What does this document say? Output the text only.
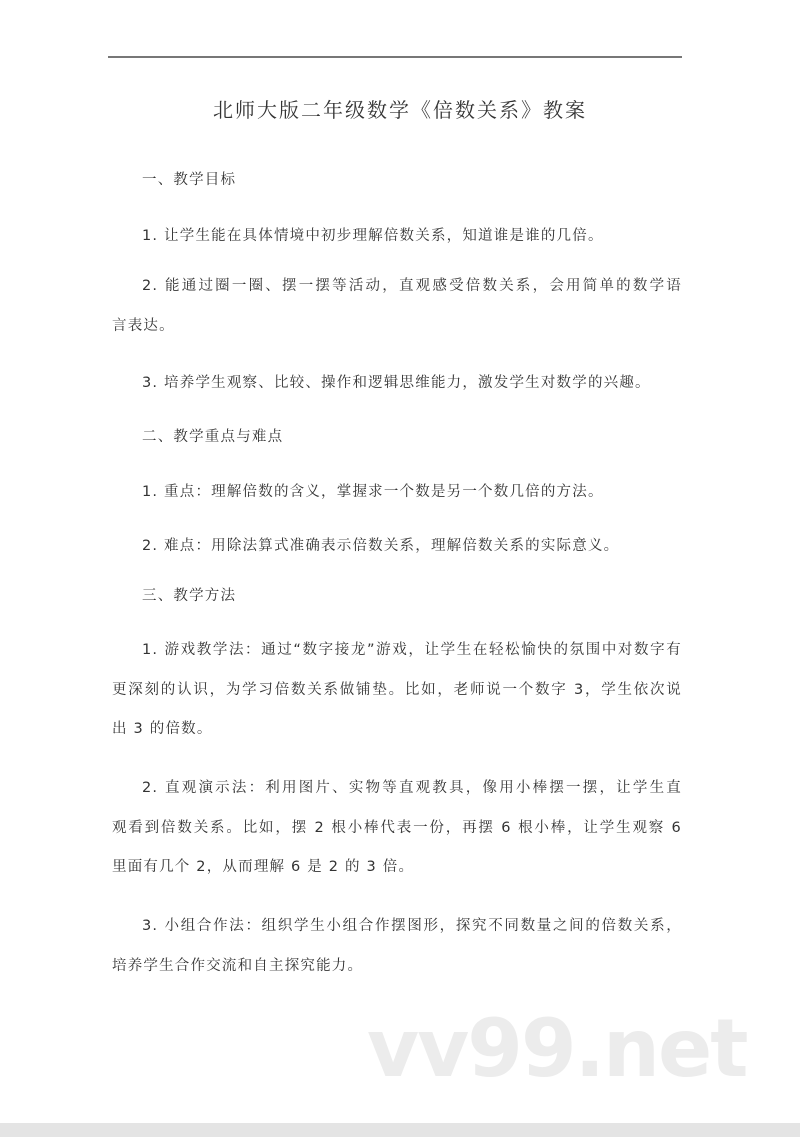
北师大版二年级数学《倍数关系》教案
一、教学目标
1. 让学生能在具体情境中初步理解倍数关系，知道谁是谁的几倍。
2. 能通过圈一圈、摆一摆等活动，直观感受倍数关系，会用简单的数学语
言表达。
3. 培养学生观察、比较、操作和逻辑思维能力，激发学生对数学的兴趣。
二、教学重点与难点
1. 重点：理解倍数的含义，掌握求一个数是另一个数几倍的方法。
2. 难点：用除法算式准确表示倍数关系，理解倍数关系的实际意义。
三、教学方法
1. 游戏教学法：通过“数字接龙”游戏，让学生在轻松愉快的氛围中对数字有
更深刻的认识，为学习倍数关系做铺垫。比如，老师说一个数字 3，学生依次说
出 3 的倍数。
2. 直观演示法：利用图片、实物等直观教具，像用小棒摆一摆，让学生直
观看到倍数关系。比如，摆 2 根小棒代表一份，再摆 6 根小棒，让学生观察 6
里面有几个 2，从而理解 6 是 2 的 3 倍。
3. 小组合作法：组织学生小组合作摆图形，探究不同数量之间的倍数关系，
培养学生合作交流和自主探究能力。
vv99.net
